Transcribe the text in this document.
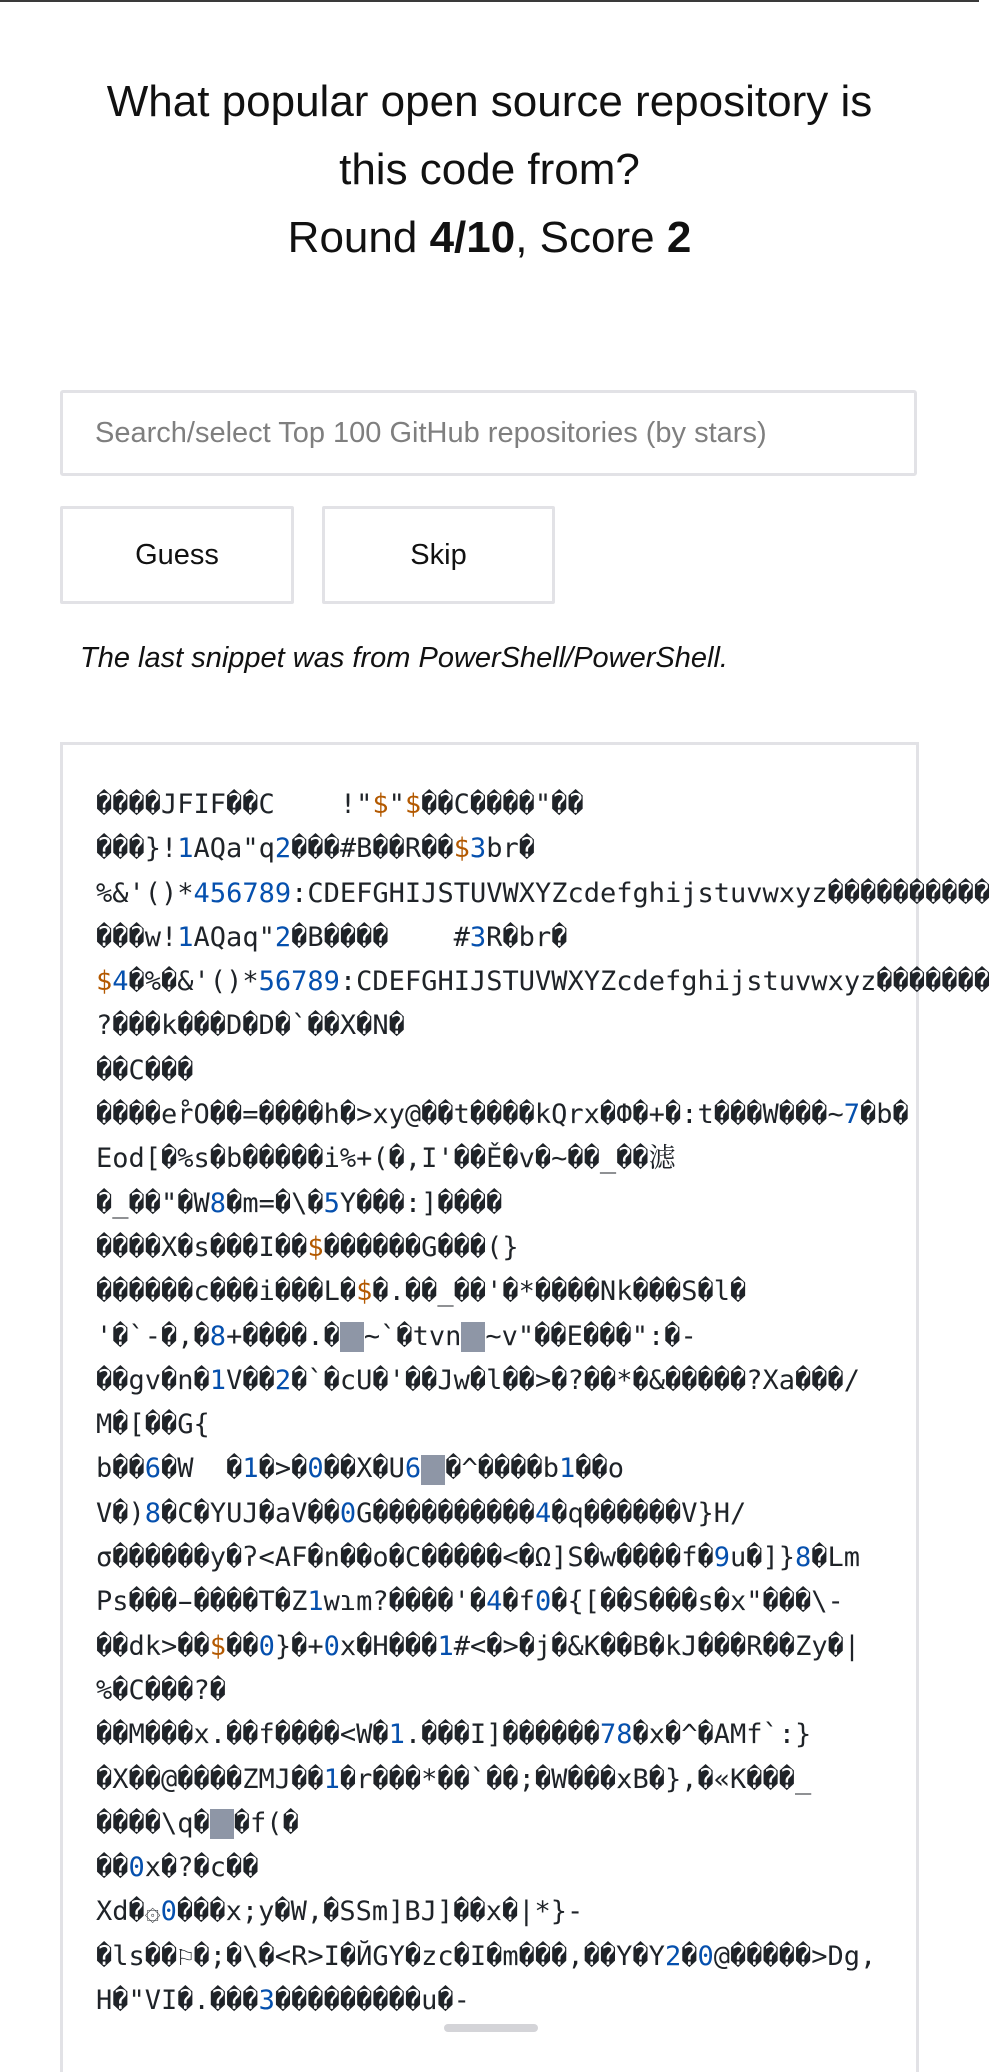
What popular open source repository is
this code from?
Round 4/10, Score 2
Search/select Top 100 GitHub repositories (by stars)
Guess	Skip
The last snippet was from PowerShell/PowerShell.
����JFIF��C    !"$"$��C����"��
���}!1AQa"q2���#B��R��$3br�
%&'()*456789:CDEFGHIJSTUVWXYZcdefghijstuvwxyz����������
���w!1AQaq"2�B����    #3R�br�
$4�%�&'()*56789:CDEFGHIJSTUVWXYZcdefghijstuvwxyz�������
?���k���D�D�`��X�N�
��C���
����er̊O��=����h�>xy@��t����kQrx�Ф�+�:t���W���~7�b�
Eod[�%s�b�����i%+(�,I'��Ě�v�~��_��滤
�_��"�W8�m=�\�5Y���:]����
����X�s���I��$������G���(}
������c���i���L�$�.��_��'�*����Nk���S�l�
'�`-�,�8+����.� ~`�tvn ~v"��E���":�-
��gv�n�1V��2�`�cU�'��Jw�l��>�?��*�&�����?Xa���/
M�[��G{
b��6�W  �1�>�0��X�U6 �^����b1��o
V�)8�C�YUJ�aV��0G����������4�q������V}H/
σ������y�ʔ<AF�n��o�C�����<�Ω]S�w����f�9u�]}8�Lm
Ps���̵����T�Z1wɿm?����'�4�f0�{[��S���s�x"���\-
��dk>��$��0}�+0x�H���1#<�>�j�&K��B�kJ���R��Zy�|
%�C���?�
��M���x.��f����<W�1.���I]������78�x�^�AMf`:}
�X��@����ZMJ��1�r���*��`��;�W���xB�},�«K���_
����\q� �f(�
��0x�?�c��
Xd�۞0���x;y�W,�SSm]BJ]��x�|*}-
�ls��⚐�;�\�<R>I�ЙGY�zc�I�m���,��Y�Y2�0@�����>Dg,
H�"VI�.���3���������u�-
